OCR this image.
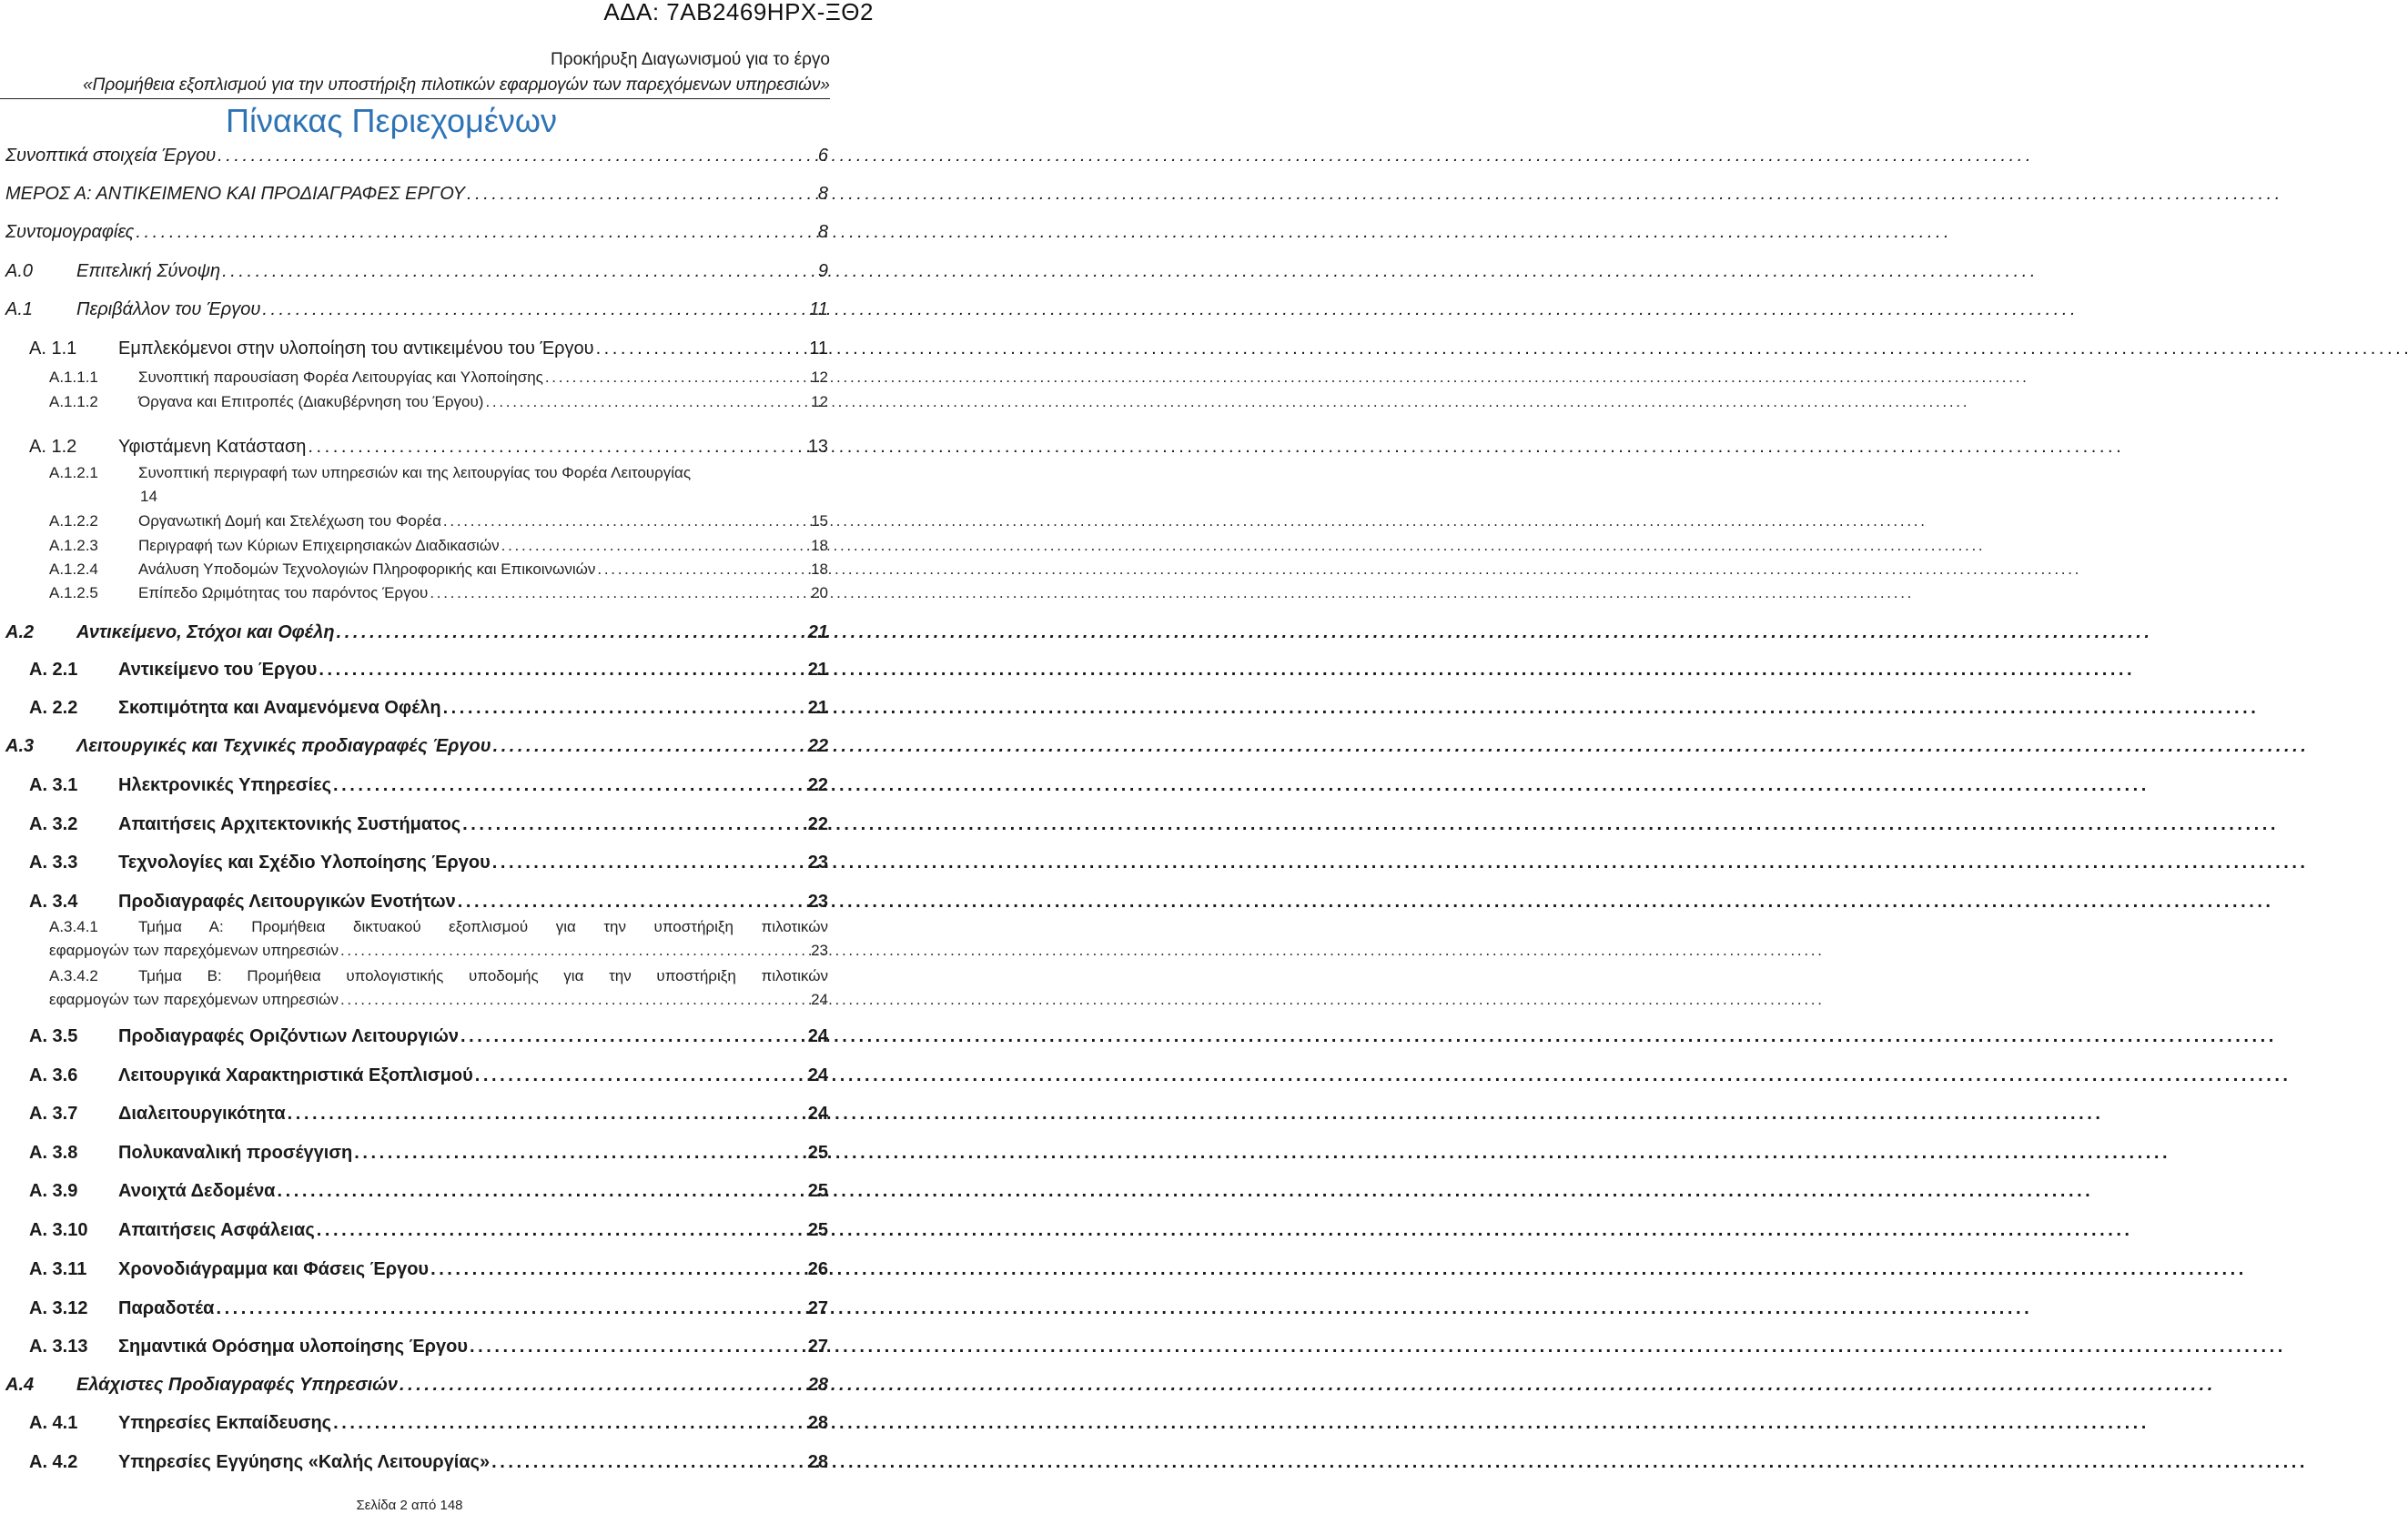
ΑΔΑ: 7ΑΒ2469ΗΡΧ-ΞΘ2
Προκήρυξη Διαγωνισμού για το έργο
«Προμήθεια εξοπλισμού για την υποστήριξη πιλοτικών εφαρμογών των παρεχόμενων υπηρεσιών»
Πίνακας Περιεχομένων
Συνοπτικά στοιχεία Έργου . . .	6
ΜΕΡΟΣ Α: ΑΝΤΙΚΕΙΜΕΝΟ ΚΑΙ ΠΡΟΔΙΑΓΡΑΦΕΣ ΕΡΓΟΥ . . .	8
Συντομογραφίες . . .	8
Α.0	Επιτελική Σύνοψη . . .	9
Α.1	Περιβάλλον του Έργου . . .	11
Α. 1.1	Εμπλεκόμενοι στην υλοποίηση του αντικειμένου του Έργου . . .	11
Α.1.1.1	Συνοπτική παρουσίαση Φορέα Λειτουργίας και Υλοποίησης . . .	12
Α.1.1.2	Όργανα και Επιτροπές (Διακυβέρνηση του Έργου) . . .	12
Α. 1.2	Υφιστάμενη Κατάσταση . . .	13
Α.1.2.1	Συνοπτική περιγραφή των υπηρεσιών και της λειτουργίας του Φορέα Λειτουργίας
14
Α.1.2.2	Οργανωτική Δομή και Στελέχωση του Φορέα . . .	15
Α.1.2.3	Περιγραφή των Κύριων Επιχειρησιακών Διαδικασιών . . .	18
Α.1.2.4	Ανάλυση Υποδομών Τεχνολογιών Πληροφορικής και Επικοινωνιών . . .	18
Α.1.2.5	Επίπεδο Ωριμότητας του παρόντος Έργου . . .	20
Α.2	Αντικείμενο, Στόχοι και Οφέλη . . .	21
Α. 2.1	Αντικείμενο του Έργου . . .	21
Α. 2.2	Σκοπιμότητα και Αναμενόμενα Οφέλη . . .	21
Α.3	Λειτουργικές και Τεχνικές προδιαγραφές Έργου . . .	22
Α. 3.1	Ηλεκτρονικές Υπηρεσίες . . .	22
Α. 3.2	Απαιτήσεις Αρχιτεκτονικής Συστήματος . . .	22
Α. 3.3	Τεχνολογίες και Σχέδιο Υλοποίησης Έργου . . .	23
Α. 3.4	Προδιαγραφές Λειτουργικών Ενοτήτων . . .	23
Α.3.4.1	Τμήμα Α: Προμήθεια δικτυακού εξοπλισμού για την υποστήριξη πιλοτικών
εφαρμογών των παρεχόμενων υπηρεσιών . . .	23
Α.3.4.2	Τμήμα Β: Προμήθεια υπολογιστικής υποδομής για την υποστήριξη πιλοτικών
εφαρμογών των παρεχόμενων υπηρεσιών . . .	24
Α. 3.5	Προδιαγραφές Οριζόντιων Λειτουργιών . . .	24
Α. 3.6	Λειτουργικά Χαρακτηριστικά Εξοπλισμού . . .	24
Α. 3.7	Διαλειτουργικότητα . . .	24
Α. 3.8	Πολυκαναλική προσέγγιση . . .	25
Α. 3.9	Ανοιχτά Δεδομένα . . .	25
Α. 3.10	Απαιτήσεις Ασφάλειας . . .	25
Α. 3.11	Χρονοδιάγραμμα και Φάσεις Έργου . . .	26
Α. 3.12	Παραδοτέα . . .	27
Α. 3.13	Σημαντικά Ορόσημα υλοποίησης Έργου . . .	27
Α.4	Ελάχιστες Προδιαγραφές Υπηρεσιών . . .	28
Α. 4.1	Υπηρεσίες Εκπαίδευσης . . .	28
Α. 4.2	Υπηρεσίες Εγγύησης «Καλής Λειτουργίας» . . .	28
Σελίδα 2 από 148
